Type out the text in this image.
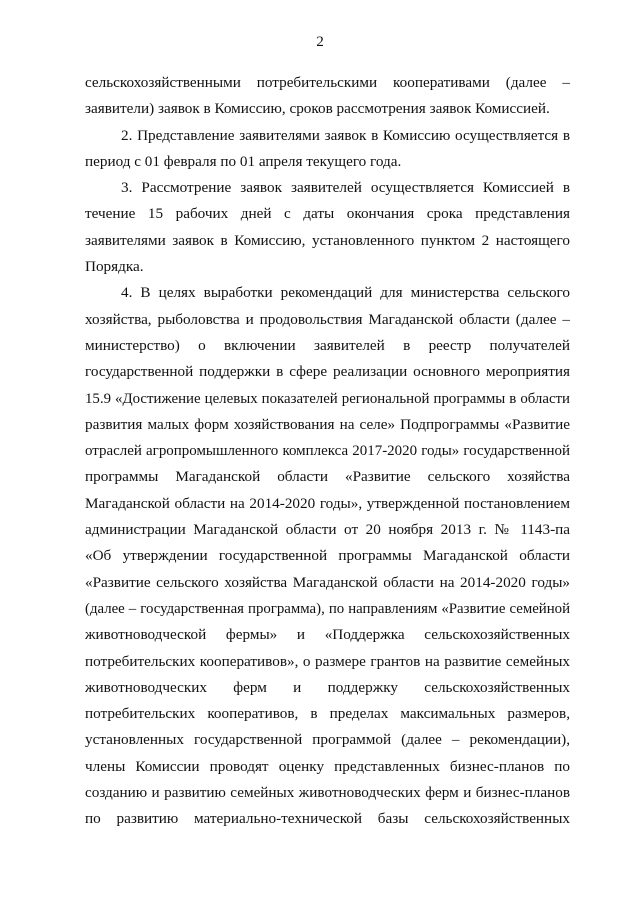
2
сельскохозяйственными потребительскими кооперативами (далее –
заявители) заявок в Комиссию, сроков рассмотрения заявок Комиссией.
2. Представление заявителями заявок в Комиссию осуществляется в
период с 01 февраля по 01 апреля текущего года.
3. Рассмотрение заявок заявителей осуществляется Комиссией в
течение 15 рабочих дней с даты окончания срока представления
заявителями заявок в Комиссию, установленного пунктом 2 настоящего
Порядка.
4. В целях выработки рекомендаций для министерства сельского
хозяйства, рыболовства и продовольствия Магаданской области (далее –
министерство) о включении заявителей в реестр получателей
государственной поддержки в сфере реализации основного мероприятия
15.9 «Достижение целевых показателей региональной программы в области
развития малых форм хозяйствования на селе» Подпрограммы «Развитие
отраслей агропромышленного комплекса 2017-2020 годы» государственной
программы Магаданской области «Развитие сельского хозяйства
Магаданской области на 2014-2020 годы», утвержденной постановлением
администрации Магаданской области от 20 ноября 2013 г. № 1143-па
«Об утверждении государственной программы Магаданской области
«Развитие сельского хозяйства Магаданской области на 2014-2020 годы»
(далее – государственная программа), по направлениям «Развитие семейной
животноводческой фермы» и «Поддержка сельскохозяйственных
потребительских кооперативов», о размере грантов на развитие семейных
животноводческих ферм и поддержку сельскохозяйственных
потребительских кооперативов, в пределах максимальных размеров,
установленных государственной программой (далее – рекомендации),
члены Комиссии проводят оценку представленных бизнес-планов по
созданию и развитию семейных животноводческих ферм и бизнес-планов
по развитию материально-технической базы сельскохозяйственных
